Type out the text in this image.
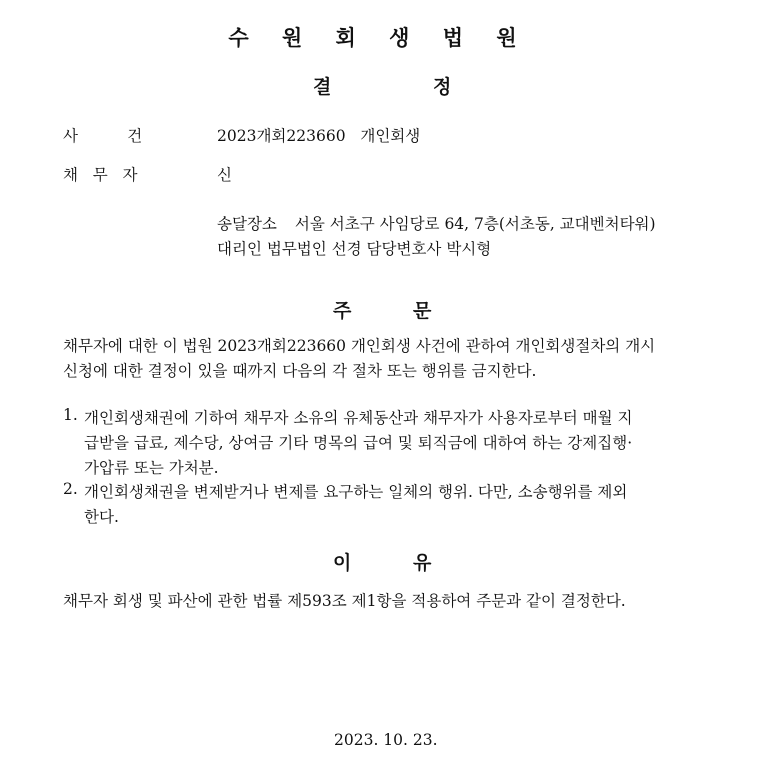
수 원 회 생 법 원
결	정
사          건	2023개회223660   개인회생
채   무   자	신
송달장소 서울 서초구 사임당로 64, 7층(서초동, 교대벤처타워)
대리인 법무법인 선경 담당변호사 박시형
주	문
채무자에 대한 이 법원 2023개회223660 개인회생 사건에 관하여 개인회생절차의 개시
신청에 대한 결정이 있을 때까지 다음의 각 절차 또는 행위를 금지한다.
1. 개인회생채권에 기하여 채무자 소유의 유체동산과 채무자가 사용자로부터 매월 지
급받을 급료, 제수당, 상여금 기타 명목의 급여 및 퇴직금에 대하여 하는 강제집행·
가압류 또는 가처분.
2. 개인회생채권을 변제받거나 변제를 요구하는 일체의 행위. 다만, 소송행위를 제외
한다.
이	유
채무자 회생 및 파산에 관한 법률 제593조 제1항을 적용하여 주문과 같이 결정한다.
2023. 10. 23.
